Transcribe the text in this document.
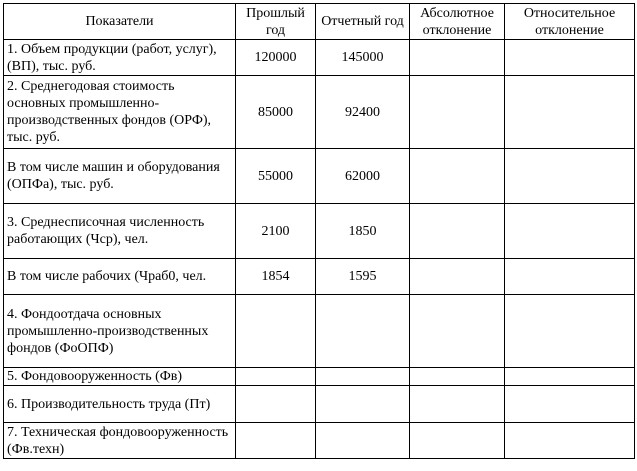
Показатели	Прошлый год	Отчетный год	Абсолютное отклонение	Относительное отклонение
1. Объем продукции (работ, услуг), (ВП), тыс. руб.	120000	145000		
2. Среднегодовая стоимость основных промышленно-производственных фондов (ОРФ), тыс. руб.	85000	92400		
В том числе машин и оборудования (ОПФа), тыс. руб.	55000	62000		
3. Среднесписочная численность работающих (Чср), чел.	2100	1850		
В том числе рабочих (Чраб0, чел.	1854	1595		
4. Фондоотдача основных промышленно-производственных фондов (ФоОПФ)				
5. Фондовооруженность (Фв)				
6. Производительность труда (Пт)				
7. Техническая фондовооруженность (Фв.техн)				
